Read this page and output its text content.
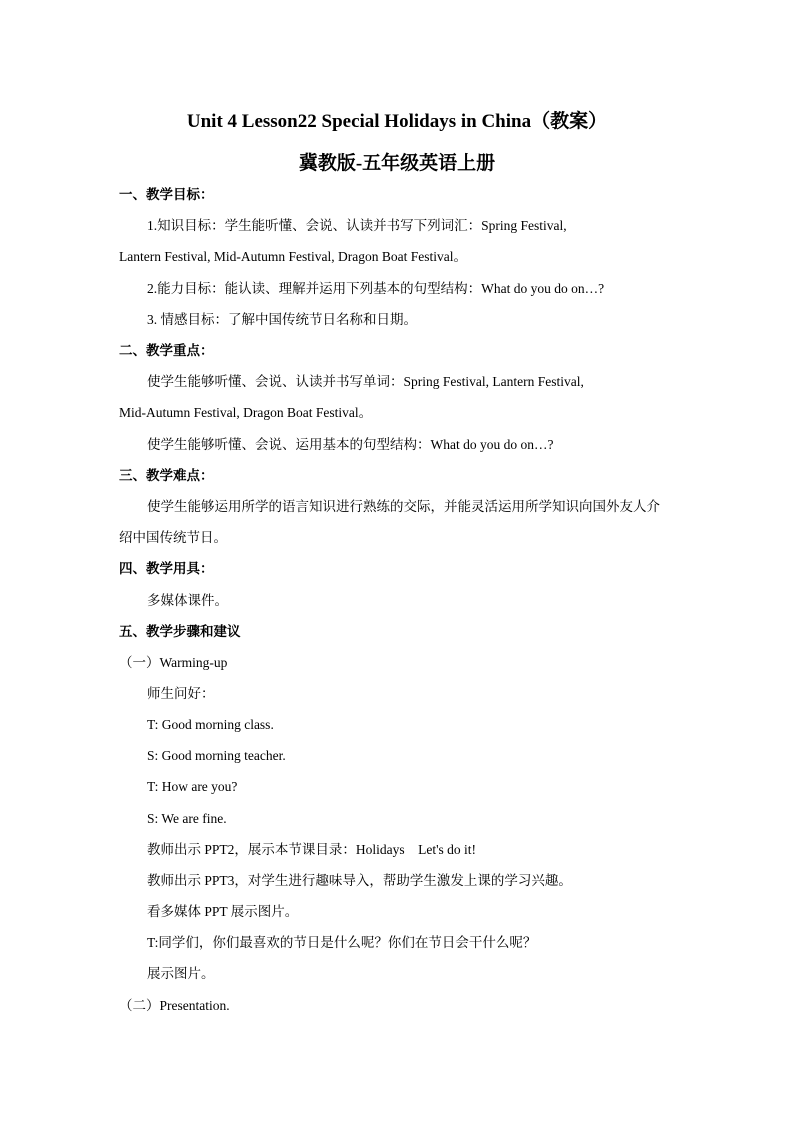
Unit 4 Lesson22 Special Holidays in China（教案）
冀教版-五年级英语上册
一、教学目标：
1.知识目标：学生能听懂、会说、认读并书写下列词汇：Spring Festival,
Lantern Festival, Mid-Autumn Festival, Dragon Boat Festival。
2.能力目标：能认读、理解并运用下列基本的句型结构：What do you do on…?
3. 情感目标：了解中国传统节日名称和日期。
二、教学重点：
使学生能够听懂、会说、认读并书写单词：Spring Festival, Lantern Festival,
Mid-Autumn Festival, Dragon Boat Festival。
使学生能够听懂、会说、运用基本的句型结构：What do you do on…?
三、教学难点：
使学生能够运用所学的语言知识进行熟练的交际，并能灵活运用所学知识向国外友人介
绍中国传统节日。
四、教学用具：
多媒体课件。
五、教学步骤和建议
（一）Warming-up
师生问好：
T: Good morning class.
S: Good morning teacher.
T: How are you?
S: We are fine.
教师出示 PPT2，展示本节课目录：Holidays    Let's do it!
教师出示 PPT3，对学生进行趣味导入，帮助学生激发上课的学习兴趣。
看多媒体 PPT 展示图片。
T:同学们，你们最喜欢的节日是什么呢？你们在节日会干什么呢？
展示图片。
（二）Presentation.
